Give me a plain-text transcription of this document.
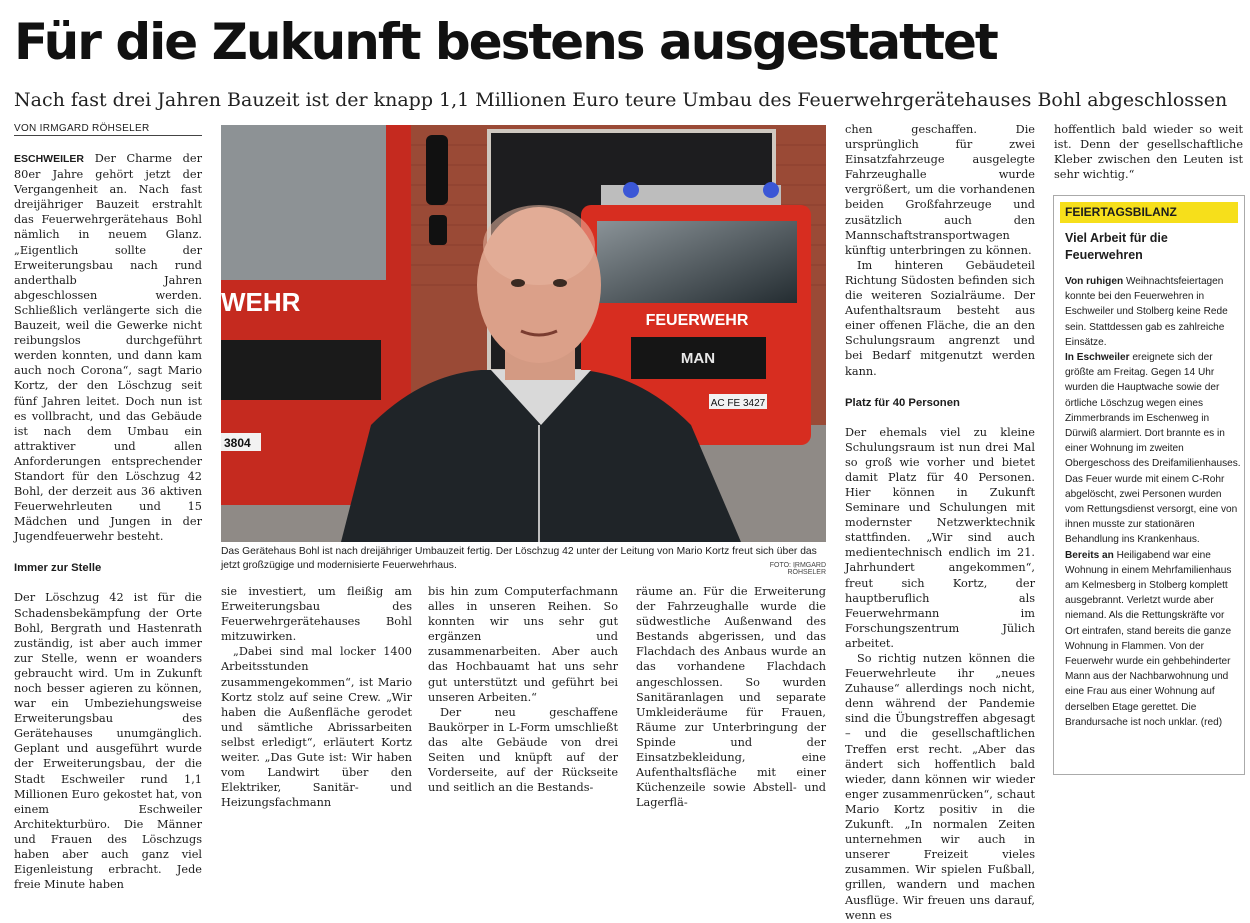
Für die Zukunft bestens ausgestattet
Nach fast drei Jahren Bauzeit ist der knapp 1,1 Millionen Euro teure Umbau des Feuerwehrgerätehauses Bohl abgeschlossen
VON IRMGARD RÖHSELER

ESCHWEILER Der Charme der 80er Jahre gehört jetzt der Vergangenheit an. Nach fast dreijähriger Bauzeit erstrahlt das Feuerwehrgerätehaus Bohl nämlich in neuem Glanz. „Eigentlich sollte der Erweiterungsbau nach rund anderthalb Jahren abgeschlossen werden. Schließlich verlängerte sich die Bauzeit, weil die Gewerke nicht reibungslos durchgeführt werden konnten, und dann kam auch noch Corona“, sagt Mario Kortz, der den Löschzug seit fünf Jahren leitet. Doch nun ist es vollbracht, und das Gebäude ist nach dem Umbau ein attraktiver und allen Anforderungen entsprechender Standort für den Löschzug 42 Bohl, der derzeit aus 36 aktiven Feuerwehrleuten und 15 Mädchen und Jungen in der Jugendfeuerwehr besteht.

Immer zur Stelle

Der Löschzug 42 ist für die Schadensbekämpfung der Orte Bohl, Bergrath und Hastenrath zuständig, ist aber auch immer zur Stelle, wenn er woanders gebraucht wird. Um in Zukunft noch besser agieren zu können, war ein Umbeziehungsweise Erweiterungsbau des Gerätehauses unumgänglich. Geplant und ausgeführt wurde der Erweiterungsbau, der die Stadt Eschweiler rund 1,1 Millionen Euro gekostet hat, von einem Eschweiler Architekturbüro. Die Männer und Frauen des Löschzugs haben aber auch ganz viel Eigenleistung erbracht. Jede freie Minute haben

FEUERWEHR
MAN
AC FE 3427
WEHR
3804
Das Gerätehaus Bohl ist nach dreijähriger Umbauzeit fertig. Der Löschzug 42 unter der Leitung von Mario Kortz freut sich über das jetzt großzügige und modernisierte Feuerwehrhaus.	FOTO: IRMGARD RÖHSELER

sie investiert, um fleißig am Erweiterungsbau des Feuerwehrgerätehauses Bohl mitzuwirken.

„Dabei sind mal locker 1400 Arbeitsstunden zusammengekommen“, ist Mario Kortz stolz auf seine Crew. „Wir haben die Außenfläche gerodet und sämtliche Abrissarbeiten selbst erledigt“, erläutert Kortz weiter. „Das Gute ist: Wir haben vom Landwirt über den Elektriker, Sanitär- und Heizungsfachmann

bis hin zum Computerfachmann alles in unseren Reihen. So konnten wir uns sehr gut ergänzen und zusammenarbeiten. Aber auch das Hochbauamt hat uns sehr gut unterstützt und geführt bei unseren Arbeiten.“

Der neu geschaffene Baukörper in L-Form umschließt das alte Gebäude von drei Seiten und knüpft auf der Vorderseite, auf der Rückseite und seitlich an die Bestands-

räume an. Für die Erweiterung der Fahrzeughalle wurde die südwestliche Außenwand des Bestands abgerissen, und das Flachdach des Anbaus wurde an das vorhandene Flachdach angeschlossen. So wurden Sanitäranlagen und separate Umkleideräume für Frauen, Räume zur Unterbringung der Spinde und der Einsatzbekleidung, eine Aufenthaltsfläche mit einer Küchenzeile sowie Abstell- und Lagerflä-

chen geschaffen. Die ursprünglich für zwei Einsatzfahrzeuge ausgelegte Fahrzeughalle wurde vergrößert, um die vorhandenen beiden Großfahrzeuge und zusätzlich auch den Mannschaftstransportwagen künftig unterbringen zu können.

Im hinteren Gebäudeteil Richtung Südosten befinden sich die weiteren Sozialräume. Der Aufenthaltsraum besteht aus einer offenen Fläche, die an den Schulungsraum angrenzt und bei Bedarf mitgenutzt werden kann.

Platz für 40 Personen

Der ehemals viel zu kleine Schulungsraum ist nun drei Mal so groß wie vorher und bietet damit Platz für 40 Personen. Hier können in Zukunft Seminare und Schulungen mit modernster Netzwerktechnik stattfinden. „Wir sind auch medientechnisch endlich im 21. Jahrhundert angekommen“, freut sich Kortz, der hauptberuflich als Feuerwehrmann im Forschungszentrum Jülich arbeitet.

So richtig nutzen können die Feuerwehrleute ihr „neues Zuhause“ allerdings noch nicht, denn während der Pandemie sind die Übungstreffen abgesagt – und die gesellschaftlichen Treffen erst recht. „Aber das ändert sich hoffentlich bald wieder, dann können wir wieder enger zusammenrücken“, schaut Mario Kortz positiv in die Zukunft. „In normalen Zeiten unternehmen wir auch in unserer Freizeit vieles zusammen. Wir spielen Fußball, grillen, wandern und machen Ausflüge. Wir freuen uns darauf, wenn es

hoffentlich bald wieder so weit ist. Denn der gesellschaftliche Kleber zwischen den Leuten ist sehr wichtig.“

FEIERTAGSBILANZ
Viel Arbeit für die Feuerwehren

Von ruhigen Weihnachtsfeiertagen konnte bei den Feuerwehren in Eschweiler und Stolberg keine Rede sein. Stattdessen gab es zahlreiche Einsätze.

In Eschweiler ereignete sich der größte am Freitag. Gegen 14 Uhr wurden die Hauptwache sowie der örtliche Löschzug wegen eines Zimmerbrands im Eschenweg in Dürwiß alarmiert. Dort brannte es in einer Wohnung im zweiten Obergeschoss des Dreifamilienhauses. Das Feuer wurde mit einem C-Rohr abgelöscht, zwei Personen wurden vom Rettungsdienst versorgt, eine von ihnen musste zur stationären Behandlung ins Krankenhaus.

Bereits an Heiligabend war eine Wohnung in einem Mehrfamilienhaus am Kelmesberg in Stolberg komplett ausgebrannt. Verletzt wurde aber niemand. Als die Rettungskräfte vor Ort eintrafen, stand bereits die ganze Wohnung in Flammen. Von der Feuerwehr wurde ein gehbehinderter Mann aus der Nachbarwohnung und eine Frau aus einer Wohnung auf derselben Etage gerettet. Die Brandursache ist noch unklar. (red)
